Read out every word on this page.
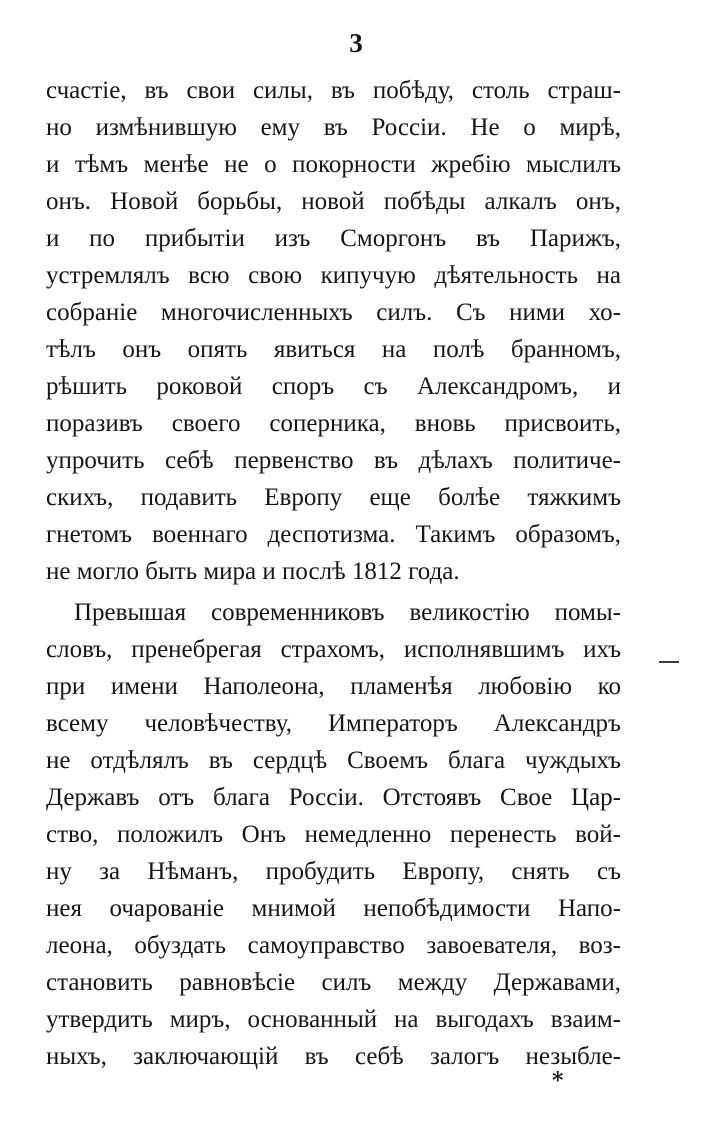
3
счастіе, въ свои силы, въ побѣду, столь страш-
но измѣнившую ему въ Россіи. Не о мирѣ,
и тѣмъ менѣе не о покорности жребію мыслилъ
онъ. Новой борьбы, новой побѣды алкалъ онъ,
и по прибытіи изъ Сморгонъ въ Парижъ,
устремлялъ всю свою кипучую дѣятельность на
собраніе многочисленныхъ силъ. Съ ними хо-
тѣлъ онъ опять явиться на полѣ бранномъ,
рѣшить роковой споръ съ Александромъ, и
поразивъ своего соперника, вновь присвоить,
упрочить себѣ первенство въ дѣлахъ политиче-
скихъ, подавить Европу еще болѣе тяжкимъ
гнетомъ военнаго деспотизма. Такимъ образомъ,
не могло быть мира и послѣ 1812 года.
Превышая современниковъ великостію помы-
словъ, пренебрегая страхомъ, исполнявшимъ ихъ
при имени Наполеона, пламенѣя любовію ко
всему человѣчеству, Императоръ Александръ
не отдѣлялъ въ сердцѣ Своемъ блага чуждыхъ
Державъ отъ блага Россіи. Отстоявъ Свое Цар-
ство, положилъ Онъ немедленно перенесть вой-
ну за Нѣманъ, пробудить Европу, снять съ
нея очарованіе мнимой непобѣдимости Напо-
леона, обуздать самоуправство завоевателя, воз-
становить равновѣсіе силъ между Державами,
утвердить миръ, основанный на выгодахъ взаим-
ныхъ, заключающій въ себѣ залогъ незыбле-
*
